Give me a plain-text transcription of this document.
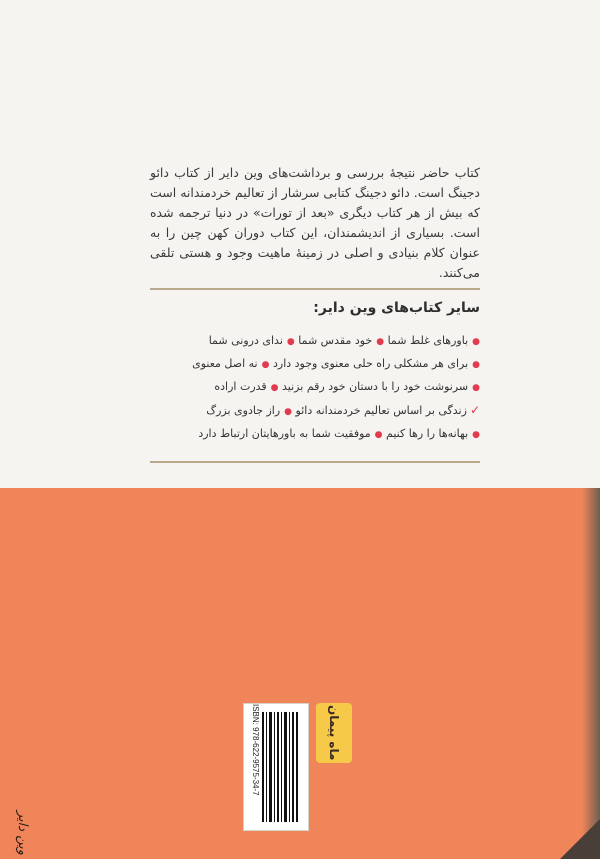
کتاب حاضر نتیجهٔ بررسی و برداشت‌های وین دایر از کتاب دائو دجینگ است. دائو دجینگ کتابی سرشار از تعالیم خردمندانه است که بیش از هر کتاب دیگری «بعد از تورات» در دنیا ترجمه شده است. بسیاری از اندیشمندان، این کتاب دوران کهن چین را به عنوان کلام بنیادی و اصلی در زمینهٔ ماهیت وجود و هستی تلقی می‌کنند.

سایر کتاب‌های وین دایر:
●باورهای غلط شما ●خود مقدس شما ●ندای درونی شما
●برای هر مشکلی راه حلی معنوی وجود دارد ●نه اصل معنوی
●سرنوشت خود را با دستان خود رقم بزنید ●قدرت اراده
✓زندگی بر اساس تعالیم خردمندانه دائو ●راز جادوی بزرگ
●بهانه‌ها را رها کنیم ●موفقیت شما به باورهایتان ارتباط دارد
ISBN: 978-622-9575-34-7	ماه پیمان
وین دایر
